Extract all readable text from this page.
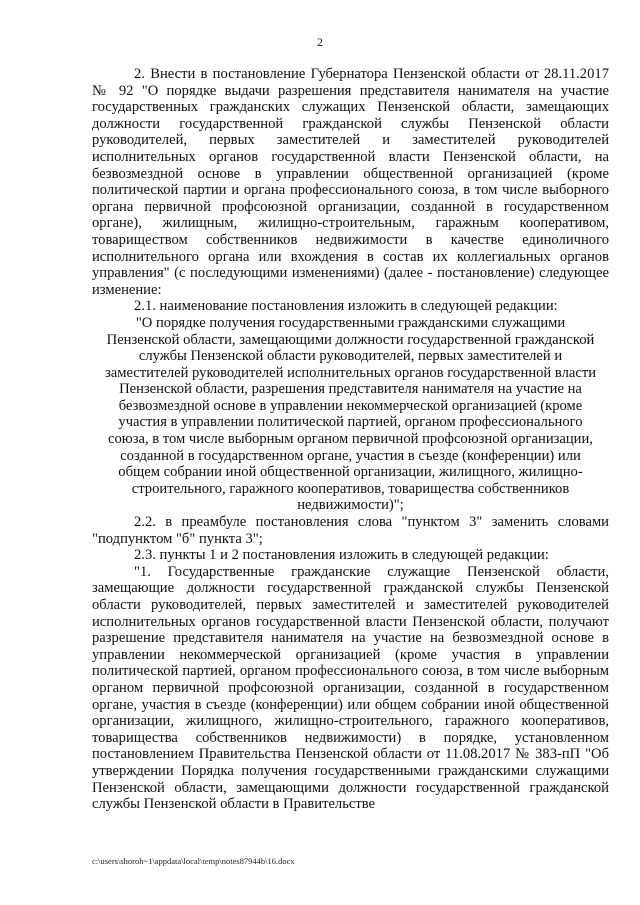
2

2. Внести в постановление Губернатора Пензенской области от 28.11.2017 № 92 "О порядке выдачи разрешения представителя нанимателя на участие государственных гражданских служащих Пензенской области, замещающих должности государственной гражданской службы Пензенской области руководителей, первых заместителей и заместителей руководителей исполнительных органов государственной власти Пензенской области, на безвозмездной основе в управлении общественной организацией (кроме политической партии и органа профессионального союза, в том числе выборного органа первичной профсоюзной организации, созданной в государственном органе), жилищным, жилищно-строительным, гаражным кооперативом, товариществом собственников недвижимости в качестве единоличного исполнительного органа или вхождения в состав их коллегиальных органов управления" (с последующими изменениями) (далее - постановление) следующее изменение:

2.1. наименование постановления изложить в следующей редакции:

"О порядке получения государственными гражданскими служащими Пензенской области, замещающими должности государственной гражданской службы Пензенской области руководителей, первых заместителей и заместителей руководителей исполнительных органов государственной власти Пензенской области, разрешения представителя нанимателя на участие на безвозмездной основе в управлении некоммерческой организацией (кроме участия в управлении политической партией, органом профессионального союза, в том числе выборным органом первичной профсоюзной организации, созданной в государственном органе, участия в съезде (конференции) или общем собрании иной общественной организации, жилищного, жилищно-строительного, гаражного кооперативов, товарищества собственников недвижимости)";

2.2. в преамбуле постановления слова "пунктом 3" заменить словами "подпунктом "б" пункта 3";

2.3. пункты 1 и 2 постановления изложить в следующей редакции:

"1. Государственные гражданские служащие Пензенской области, замещающие должности государственной гражданской службы Пензенской области руководителей, первых заместителей и заместителей руководителей исполнительных органов государственной власти Пензенской области, получают разрешение представителя нанимателя на участие на безвозмездной основе в управлении некоммерческой организацией (кроме участия в управлении политической партией, органом профессионального союза, в том числе выборным органом первичной профсоюзной организации, созданной в государственном органе, участия в съезде (конференции) или общем собрании иной общественной организации, жилищного, жилищно-строительного, гаражного кооперативов, товарищества собственников недвижимости) в порядке, установленном постановлением Правительства Пензенской области от 11.08.2017 № 383-пП "Об утверждении Порядка получения государственными гражданскими служащими Пензенской области, замещающими должности государственной гражданской службы Пензенской области в Правительстве

c:\users\shoroh~1\appdata\local\temp\notes87944b\16.docx
